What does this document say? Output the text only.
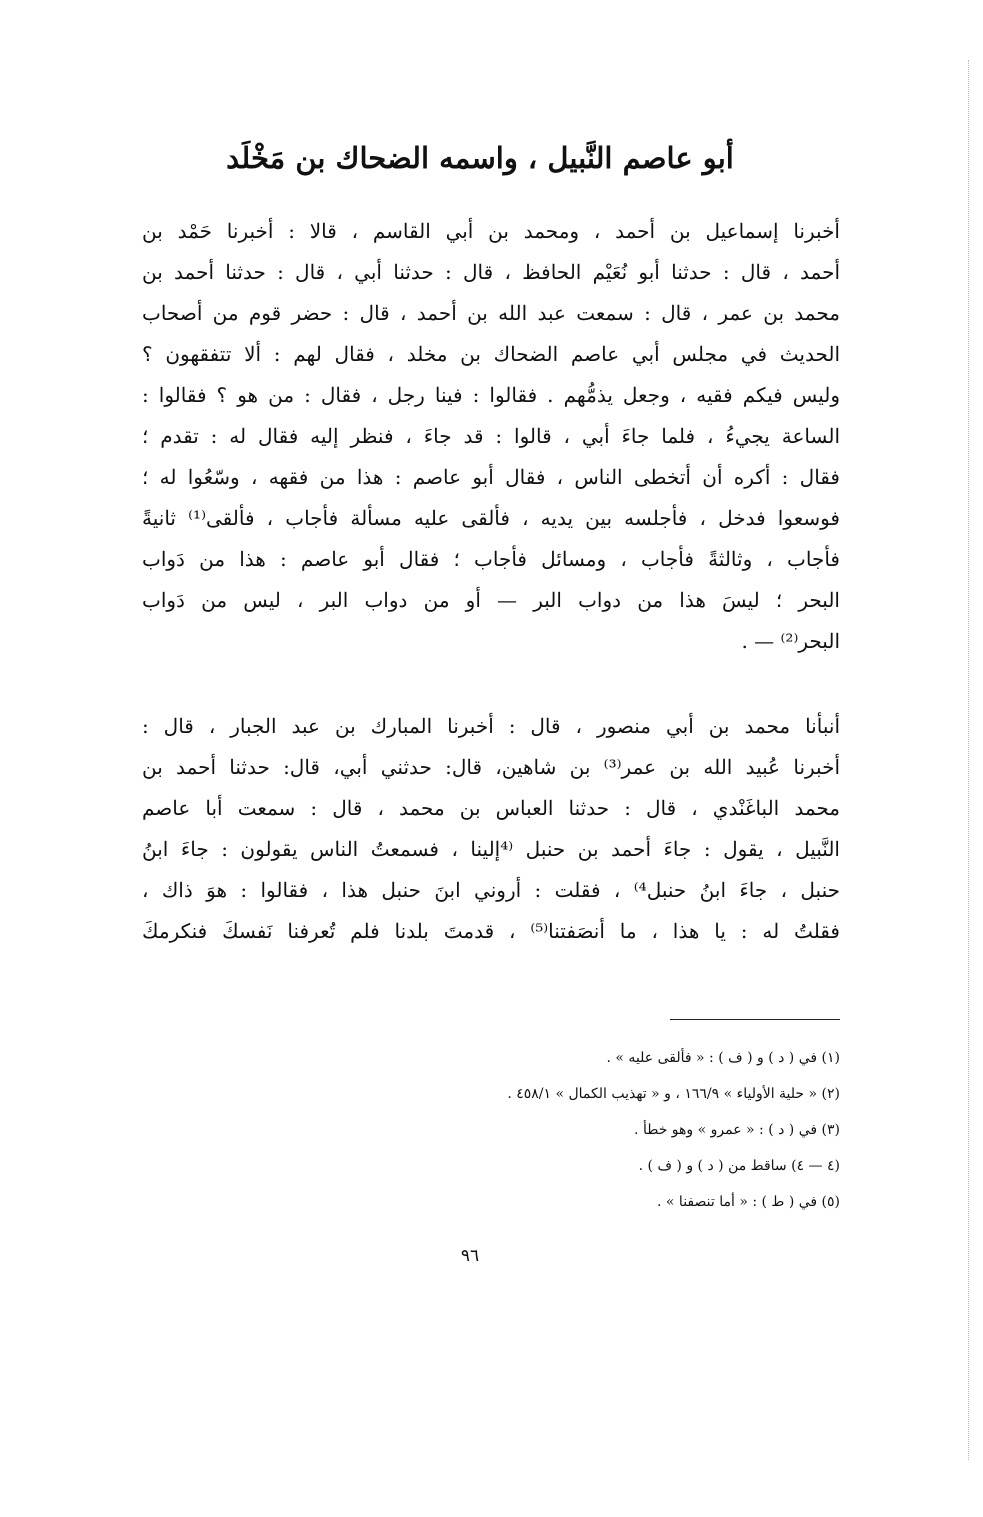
أبو عاصم النَّبيل ، واسمه الضحاك بن مَخْلَد
أخبرنا إسماعيل بن أحمد ، ومحمد بن أبي القاسم ، قالا : أخبرنا حَمْد بن
أحمد ، قال : حدثنا أبو نُعَيْم الحافظ ، قال : حدثنا أبي ، قال : حدثنا أحمد بن
محمد بن عمر ، قال : سمعت عبد الله بن أحمد ، قال : حضر قوم من أصحاب
الحديث في مجلس أبي عاصم الضحاك بن مخلد ، فقال لهم : ألا تتفقهون ؟
وليس فيكم فقيه ، وجعل يذمُّهم . فقالوا : فينا رجل ، فقال : من هو ؟ فقالوا :
الساعة يجيءُ ، فلما جاءَ أبي ، قالوا : قد جاءَ ، فنظر إليه فقال له : تقدم ؛
فقال : أكره أن أتخطى الناس ، فقال أبو عاصم : هذا من فقهه ، وسّعُوا له ؛
فوسعوا فدخل ، فأجلسه بين يديه ، فألقى عليه مسألة فأجاب ، فألقى⁽¹⁾ ثانيةً
فأجاب ، وثالثةً فأجاب ، ومسائل فأجاب ؛ فقال أبو عاصم : هذا من دَواب
البحر ؛ ليسَ هذا من دواب البر — أو من دواب البر ، ليس من دَواب
البحر⁽²⁾ — .
أنبأنا محمد بن أبي منصور ، قال : أخبرنا المبارك بن عبد الجبار ، قال :
أخبرنا عُبيد الله بن عمر⁽³⁾ بن شاهين، قال: حدثني أبي، قال: حدثنا أحمد بن
محمد الباغَنْدي ، قال : حدثنا العباس بن محمد ، قال : سمعت أبا عاصم
النَّبيل ، يقول : جاءَ أحمد بن حنبل ⁽⁴إلينا ، فسمعتُ الناس يقولون : جاءَ ابنُ
حنبل ، جاءَ ابنُ حنبل⁴⁾ ، فقلت : أروني ابنَ حنبل هذا ، فقالوا : هوَ ذاك ،
فقلتُ له : يا هذا ، ما أنصَفتنا⁽⁵⁾ ، قدمتَ بلدنا فلم تُعرفنا نَفسكَ فنكرمكَ
(١) في ( د ) و ( ف ) : « فألقى عليه » .
(٢) « حلية الأولياء » ١٦٦/٩ ، و « تهذيب الكمال » ٤٥٨/١ .
(٣) في ( د ) : « عمرو » وهو خطأ .
(٤ — ٤) ساقط من ( د ) و ( ف ) .
(٥) في ( ط ) : « أما تنصفنا » .
٩٦
